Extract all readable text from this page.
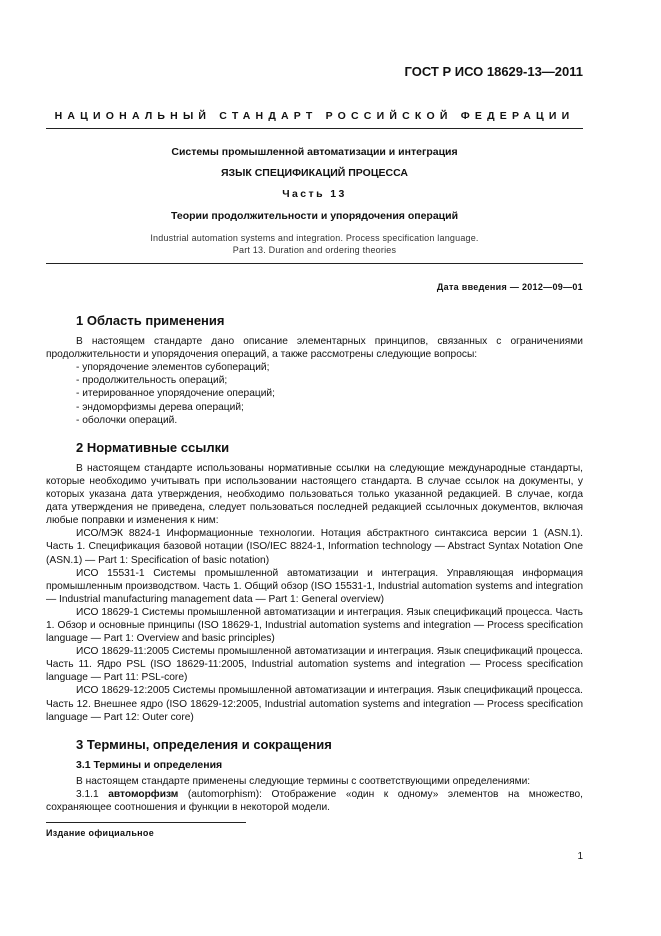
ГОСТ Р ИСО 18629-13—2011
НАЦИОНАЛЬНЫЙ СТАНДАРТ РОССИЙСКОЙ ФЕДЕРАЦИИ
Системы промышленной автоматизации и интеграция
ЯЗЫК СПЕЦИФИКАЦИЙ ПРОЦЕССА
Часть 13
Теории продолжительности и упорядочения операций
Industrial automation systems and integration. Process specification language.
Part 13. Duration and ordering theories
Дата введения — 2012—09—01
1 Область применения

В настоящем стандарте дано описание элементарных принципов, связанных с ограничениями продолжительности и упорядочения операций, а также рассмотрены следующие вопросы:

- упорядочение элементов субопераций;
- продолжительность операций;
- итерированное упорядочение операций;
- эндоморфизмы дерева операций;
- оболочки операций.
2 Нормативные ссылки

В настоящем стандарте использованы нормативные ссылки на следующие международные стандарты, которые необходимо учитывать при использовании настоящего стандарта. В случае ссылок на документы, у которых указана дата утверждения, необходимо пользоваться только указанной редакцией. В случае, когда дата утверждения не приведена, следует пользоваться последней редакцией ссылочных документов, включая любые поправки и изменения к ним:

ИСО/МЭК 8824-1 Информационные технологии. Нотация абстрактного синтаксиса версии 1 (ASN.1). Часть 1. Спецификация базовой нотации (ISO/IEC 8824-1, Information technology — Abstract Syntax Notation One (ASN.1) — Part 1: Specification of basic notation)

ИСО 15531-1 Системы промышленной автоматизации и интеграция. Управляющая информация промышленным производством. Часть 1. Общий обзор (ISO 15531-1, Industrial automation systems and integration — Industrial manufacturing management data — Part 1: General overview)

ИСО 18629-1 Системы промышленной автоматизации и интеграция. Язык спецификаций процесса. Часть 1. Обзор и основные принципы (ISO 18629-1, Industrial automation systems and integration — Process specification language — Part 1: Overview and basic principles)

ИСО 18629-11:2005 Системы промышленной автоматизации и интеграция. Язык спецификаций процесса. Часть 11. Ядро PSL (ISO 18629-11:2005, Industrial automation systems and integration — Process specification language — Part 11: PSL-core)

ИСО 18629-12:2005 Системы промышленной автоматизации и интеграция. Язык спецификаций процесса. Часть 12. Внешнее ядро (ISO 18629-12:2005, Industrial automation systems and integration — Process specification language — Part 12: Outer core)

3 Термины, определения и сокращения
3.1 Термины и определения

В настоящем стандарте применены следующие термины с соответствующими определениями:

3.1.1 автоморфизм (automorphism): Отображение «один к одному» элементов на множество, сохраняющее соотношения и функции в некоторой модели.

Издание официальное
1
